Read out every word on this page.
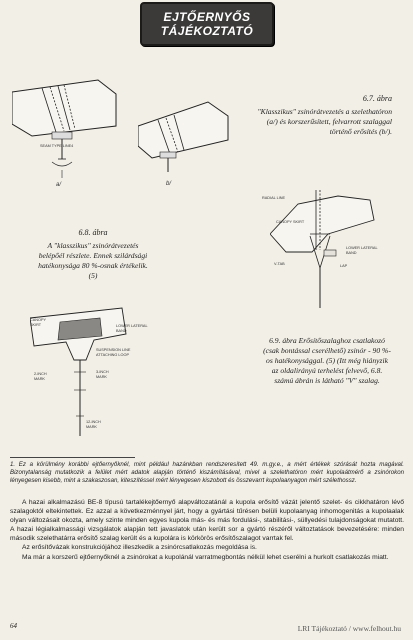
EJTŐERNYŐS
TÁJÉKOZTATÓ
SEAM TYPE LINE4
a/	b/
6.7. ábra
"Klasszikus" zsinórátvezetés a szelethatóron (a/) és korszerűsített, felvarrott szalaggal történő erősítés (b/).
6.8. ábra
A "klasszikus" zsinórátvezetés belépőél részlete. Ennek szilárdsági hatékonysága 80 %-osnak értékelik. (5)
RADIAL LINE
CANOPY SKIRT
LOWER LATERAL BAND
V-TAB	LAP
CANOPY SKIRT	LOWER LATERAL BAND
SUSPENSION LINE ATTACHING LOOP
2-INCH MARK
3-INCH MARK
12-INCH MARK
6.9. ábra Erősítőszalaghoz csatlakozó (csak bontással cserélhető) zsinór - 90 %-os hatékonysággal. (5) (Itt még hiányzik az oldalirányú terhelést felvevő, 6.8. számú ábrán is látható "V" szalag.
1. Ez a körülmény korábbi ejtőernyőknél, mint például hazánkban rendszeresített 49. m.gy.e., a mért értékek szórását hozta magával. Bizonytalanság mutatkozik a felület mért adatok alapján történő kiszámításával, mivel a szelethatóron mért kupolaátmérő a zsinórokon lényegesen kisebb, mint a szakaszosan, kiteszítéssel mért lényegesen kiszobott és összevarrt kupolaanyagon mért szélethossz.

A hazai alkalmazású BE-8 típusú tartalékejtőernyő alapváltozatánál a kupola erősítő vázát jelentő szelet- és cikkhatáron lévő szalagoktól eltekintettek. Ez azzal a következménnyel járt, hogy a gyártási tűrésen belüli kupolaanyag inhomogenitás a kupolaalak olyan változásait okozta, amely szinte minden egyes kupola más- és más fordulási-, stabilitási-, süllyedési tulajdonságokat mutatott. A hazai légialkalmassági vizsgálatok alapján tett javaslatok után került sor a gyártó részéről változtatások bevezetésére: minden második szelethatárra erősítő szalag került és a kupolára is körkörös erősítőszalagot varrtak fel.

Az erősítővázak konstrukciójához illeszkedik a zsinórcsatlakozás megoldása is.

Ma már a korszerű ejtőernyőknél a zsinórokat a kupolánál varratmegbontás nélkül lehet cserélni a hurkolt csatlakozás miatt.

64	LRI Tájékoztató / www.felhout.hu
